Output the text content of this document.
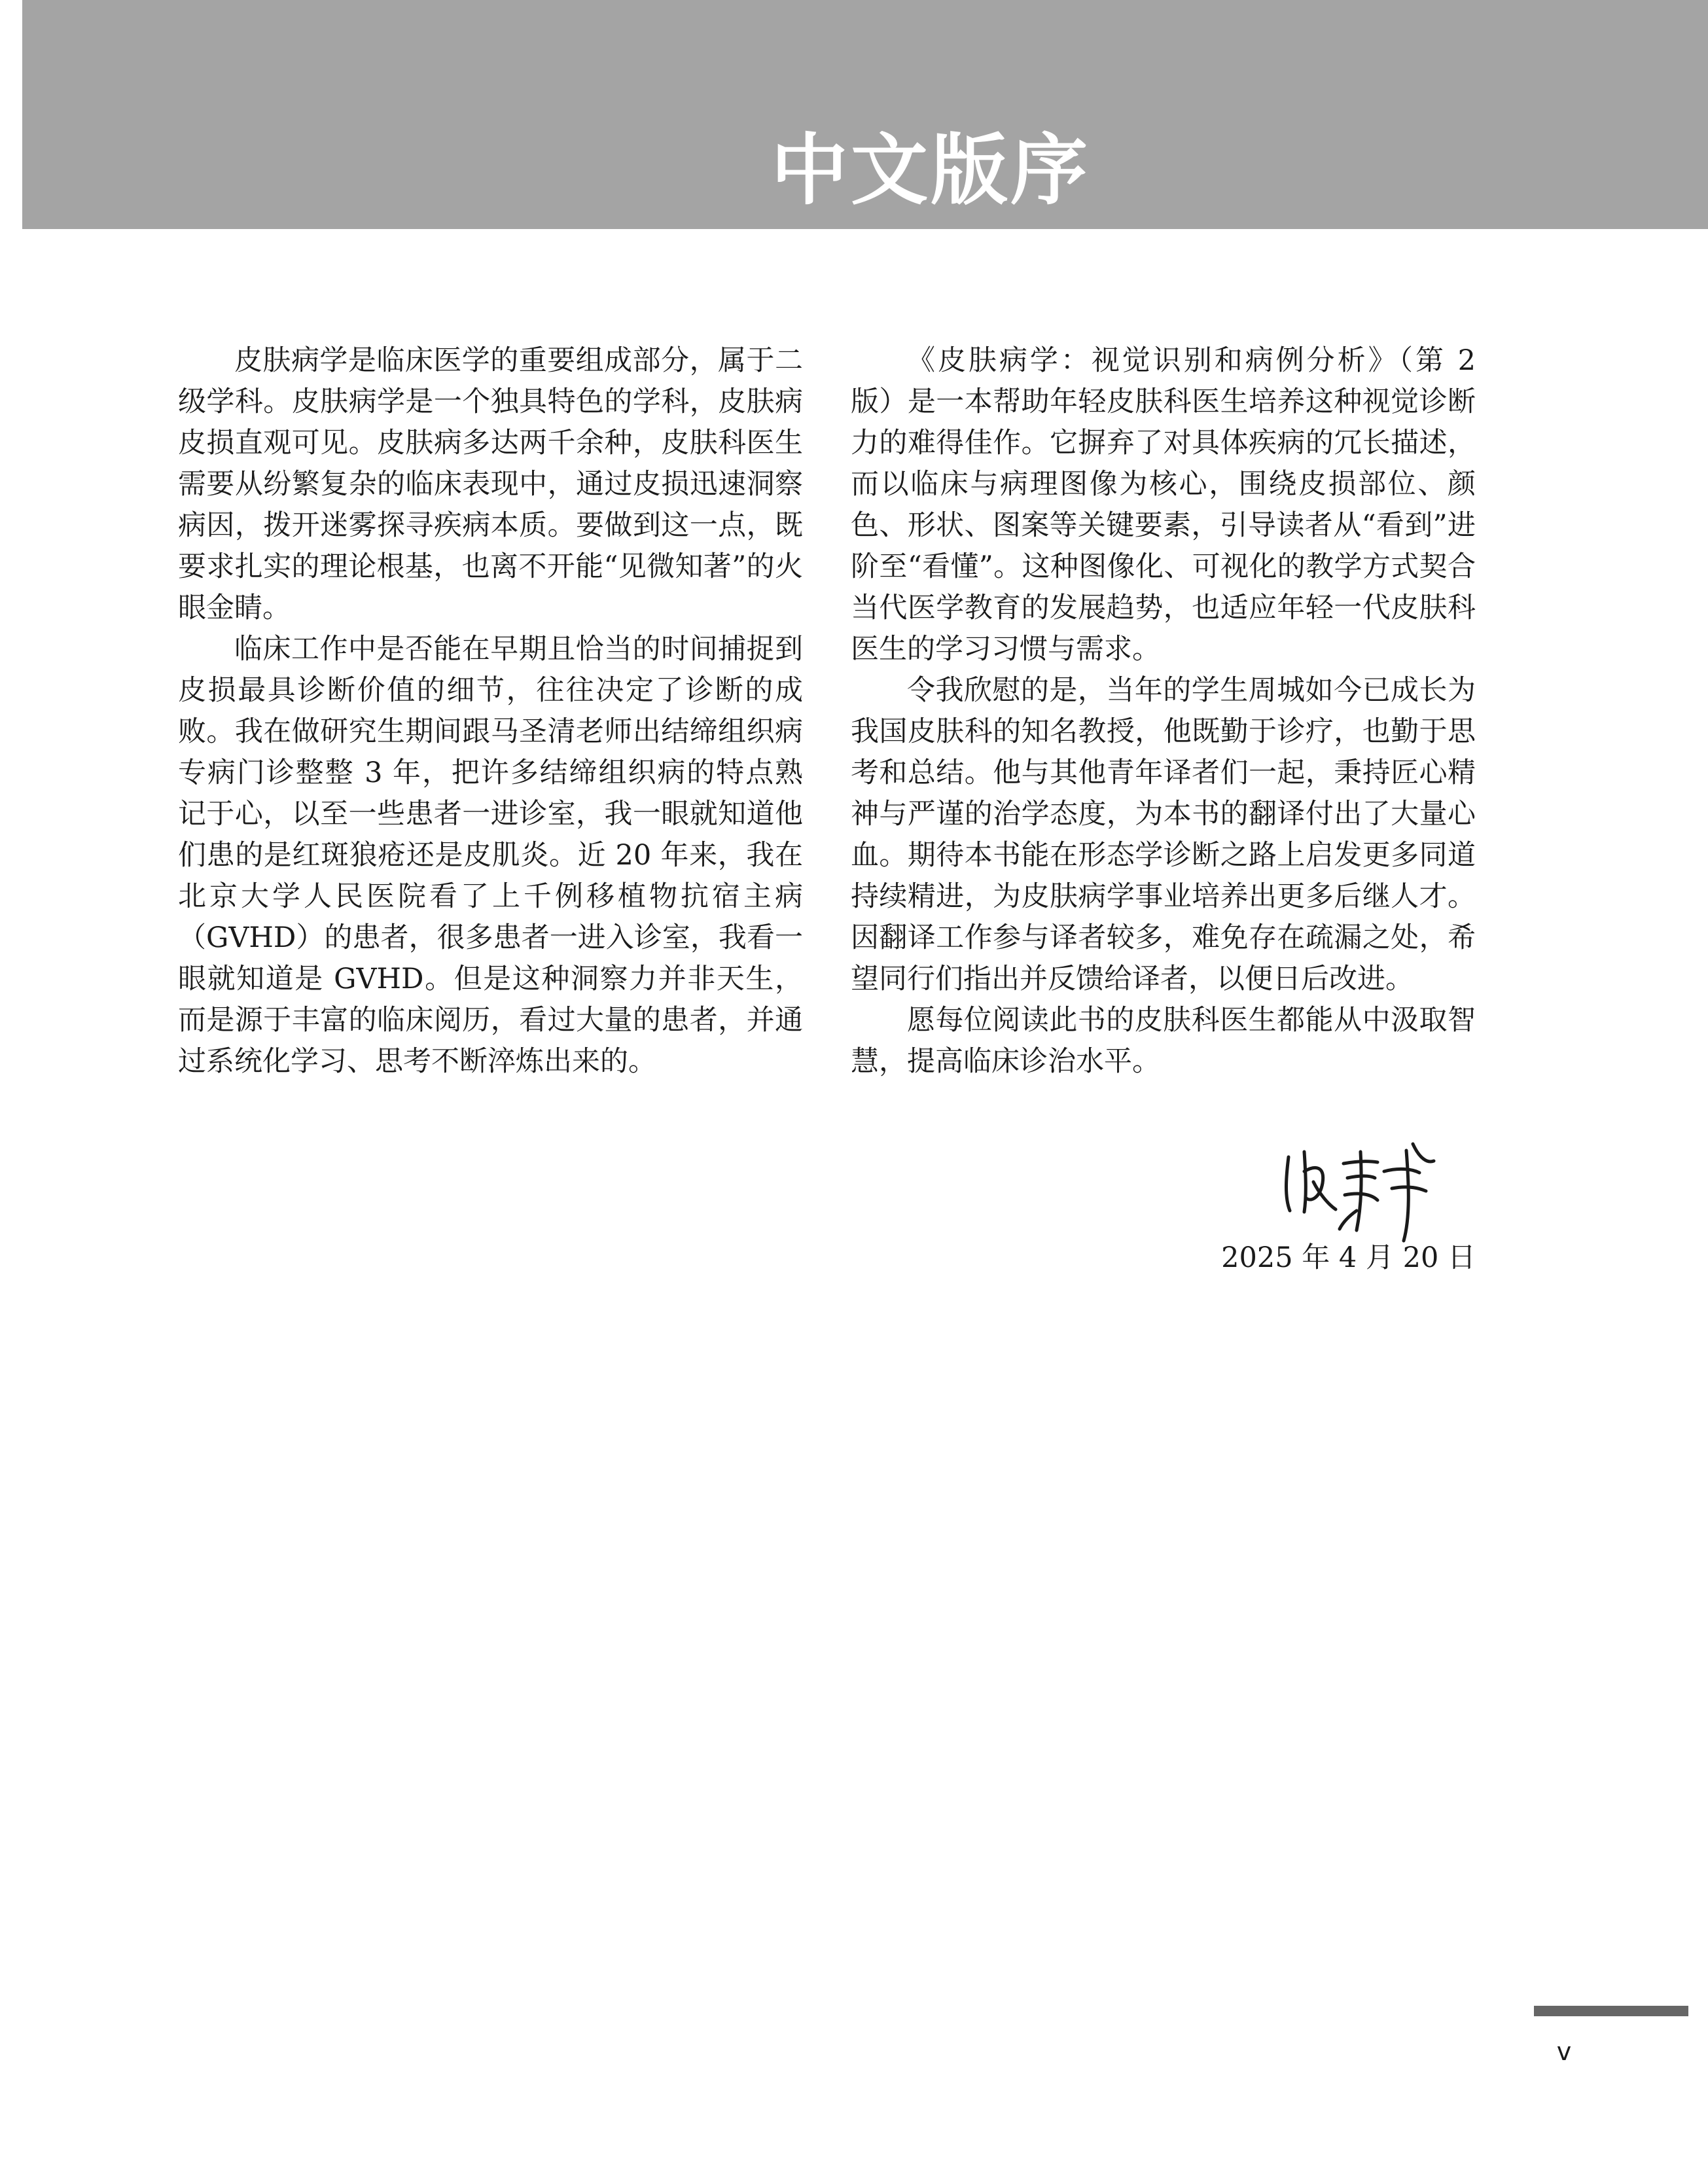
中文版序

皮肤病学是临床医学的重要组成部分，属于二级学科。皮肤病学是一个独具特色的学科，皮肤病皮损直观可见。皮肤病多达两千余种，皮肤科医生需要从纷繁复杂的临床表现中，通过皮损迅速洞察病因，拨开迷雾探寻疾病本质。要做到这一点，既要求扎实的理论根基，也离不开能“见微知著”的火眼金睛。

临床工作中是否能在早期且恰当的时间捕捉到皮损最具诊断价值的细节，往往决定了诊断的成败。我在做研究生期间跟马圣清老师出结缔组织病专病门诊整整 3 年，把许多结缔组织病的特点熟记于心，以至一些患者一进诊室，我一眼就知道他们患的是红斑狼疮还是皮肌炎。近 20 年来，我在北京大学人民医院看了上千例移植物抗宿主病（GVHD）的患者，很多患者一进入诊室，我看一眼就知道是 GVHD。但是这种洞察力并非天生，而是源于丰富的临床阅历，看过大量的患者，并通过系统化学习、思考不断淬炼出来的。

《皮肤病学：视觉识别和病例分析》（第 2 版）是一本帮助年轻皮肤科医生培养这种视觉诊断力的难得佳作。它摒弃了对具体疾病的冗长描述，而以临床与病理图像为核心，围绕皮损部位、颜色、形状、图案等关键要素，引导读者从“看到”进阶至“看懂”。这种图像化、可视化的教学方式契合当代医学教育的发展趋势，也适应年轻一代皮肤科医生的学习习惯与需求。

令我欣慰的是，当年的学生周城如今已成长为我国皮肤科的知名教授，他既勤于诊疗，也勤于思考和总结。他与其他青年译者们一起，秉持匠心精神与严谨的治学态度，为本书的翻译付出了大量心血。期待本书能在形态学诊断之路上启发更多同道持续精进，为皮肤病学事业培养出更多后继人才。因翻译工作参与译者较多，难免存在疏漏之处，希望同行们指出并反馈给译者，以便日后改进。

愿每位阅读此书的皮肤科医生都能从中汲取智慧，提高临床诊治水平。

2025 年 4 月 20 日
v
